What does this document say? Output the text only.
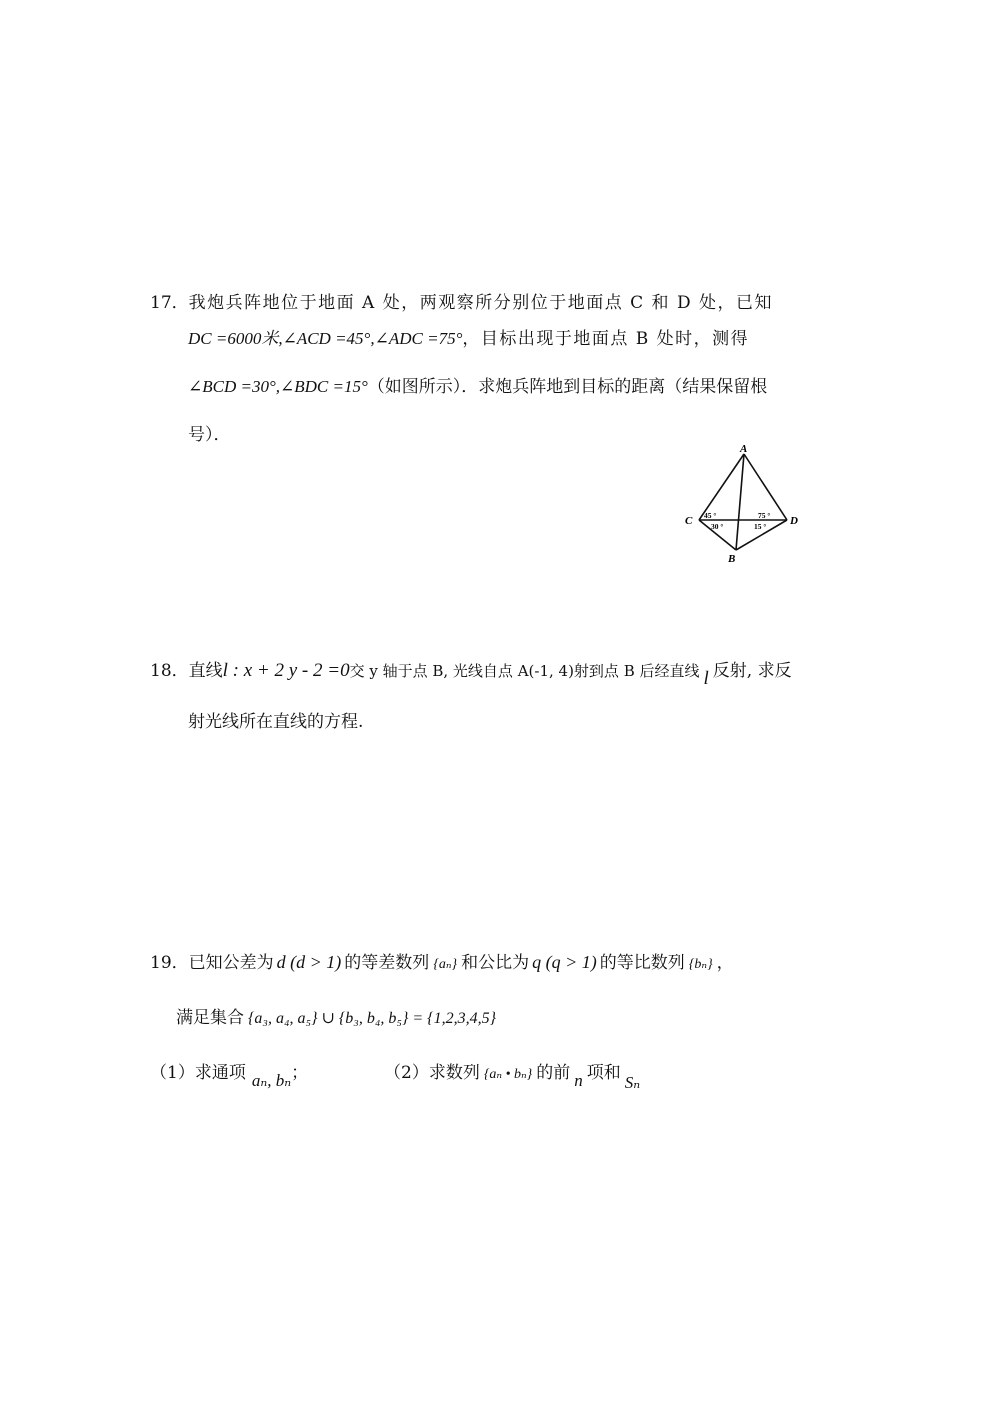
17．我炮兵阵地位于地面 A 处，两观察所分别位于地面点 C 和 D 处，已知
DC =6000米,∠ACD =45°,∠ADC =75°，目标出现于地面点 B 处时，测得
∠BCD =30°,∠BDC =15°（如图所示）．求炮兵阵地到目标的距离（结果保留根
号）．
A
C	D
B
45 °	75 °
30 °	15 °
18．直线l : x + 2 y - 2 =0交 y 轴于点 B, 光线自点 A(-1, 4)射到点 B 后经直线 l 反射, 求反
射光线所在直线的方程.
19．已知公差为 d (d > 1) 的等差数列 {aₙ} 和公比为 q (q > 1) 的等比数列 {bₙ} ，
满足集合 {a₃, a₄, a₅} ∪ {b₃, b₄, b₅} = {1,2,3,4,5}
（1）求通项 aₙ, bₙ；	（2）求数列 {aₙ • bₙ} 的前 n 项和 Sₙ
